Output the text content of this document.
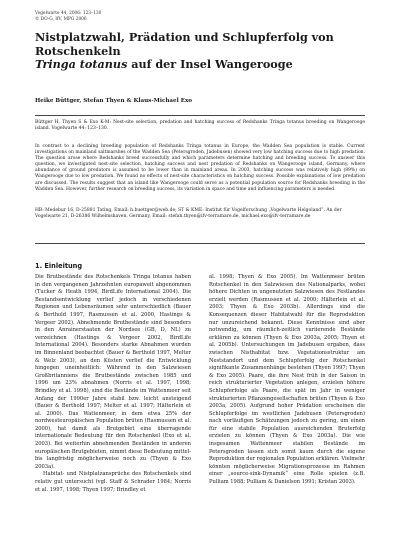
Vogelwarte 44, 2006: 123–130
© DO-G, IfV, MPG 2006
Nistplatzwahl, Prädation und Schlupferfolg von Rotschenkeln
Tringa totanus auf der Insel Wangerooge
Heike Büttger, Stefan Thyen & Klaus-Michael Exo

Büttger H, Thyen S & Exo K-M: Nest-site selection, predation and hatching success of Redshanks Tringa totanus breeding on Wangerooge island. Vogelwarte 44: 123–130.

In contrast to a declining breeding population of Redshanks Tringa totanus in Europe, the Wadden Sea population is stable. Current investigations on mainland saltmarshes of the Wadden Sea (Petersgroden, Jadebusen) showed very low hatching success due to high predation. The question arose where Redshanks breed successfully and which parameters determine hatching and breeding success. To answer this question, we investigated nest-site selection, hatching success and nest predation of Redshanks on Wangerooge island, Germany, where abundance of ground predators is assumed to be lower than in mainland areas. In 2003, hatching success was relatively high (89%) on Wangerooge due to low predation. We found no effects of nest-site characteristics on hatching success. Possible explanations of low predation are discussed. The results suggest that an island like Wangerooge could serve as a potential population source for Redshanks breeding in the Wadden Sea. However, further research on breeding success, its variation in space and time and influencing parameters is needed.

HB: Medebur 16, D-25881 Tating, Email: h.buettger@web.de; ST & KME: Institut für Vogelforschung „Vogelwarte Helgoland“, An der Vogelwarte 21, D-26386 Wilhelmshaven, Germany, Email: stefan.thyen@ifv-terramare.de, michael.exo@ifv-terramare.de

1. Einleitung

Die Brutbestände des Rotschenkels Tringa totanus haben in den vergangenen Jahrzehnten europaweit abgenommen (Tucker & Heath 1994, BirdLife International 2004). Die Bestandsentwicklung verlief jedoch in verschiedenen Regionen und Lebensräumen sehr unterschiedlich (Bauer & Berthold 1997, Rasmussen et al. 2000, Hastings & Vergeer 2002). Abnehmende Brutbestände sind besonders in den Anrainerstaaten der Nordsee (GB, D, NL) zu verzeichnen (Hastings & Vergeer 2002, BirdLife International 2004). Besonders starke Abnahmen wurden im Binnenland beobachtet (Bauer & Berthold 1997, Melter & Welz 2003), an den Küsten verlief die Entwicklung hingegen uneinheitlich: Während in den Salzwiesen Großbritanniens die Brutbestände zwischen 1985 und 1996 um 23% abnahmen (Norris et al. 1997, 1998; Brindley et al. 1998), sind die Bestände im Wattenmeer seit Anfang der 1990er Jahre stabil bzw. leicht ansteigend (Bauer & Berthold 1997; Melter et al. 1997; Hälterlein et al. 2000). Das Wattenmeer, in dem etwa 25% der nordwesteuropäischen Population brüten (Rasmussen et al. 2000), hat damit als Brutgebiet eine überragende internationale Bedeutung für den Rotschenkel (Exo et al. 2003). Bei weiterhin abnehmenden Beständen in anderen europäischen Brutgebieten, nimmt diese Bedeutung mittel- bis langfristig möglicherweise noch zu (Thyen & Exo 2003a).

Habitat- und Nistplatzansprüche des Rotschenkels sind relativ gut untersucht (vgl. Staff & Schrader 1984; Norris et al. 1997, 1998; Thyen 1997; Brindley et

al. 1998; Thyen & Exo 2005). Im Wattenmeer brüten Rotschenkel in den Salzwiesen des Nationalparks, wobei höhere Dichten in ungenutzten Salzwiesen des Festlandes erzielt werden (Rasmussen et al. 2000; Hälterlein et al. 2003; Thyen & Exo 2003b). Allerdings sind die Konsequenzen dieser Habitatwahl für die Reproduktion nur unzureichend bekannt. Diese Kenntnisse sind aber notwendig, um räumlich-zeitlich variierende Bestände erklären zu können (Thyen & Exo 2003a, 2005; Thyen et al. 2005b). Untersuchungen im Jadebusen ergaben, dass zwischen Nisthabitat bzw. Vegetationsstruktur am Neststandort und dem Schlupferfolg der Rotschenkel signifikante Zusammenhänge bestehen (Thyen 1997; Thyen & Exo 2005). Paare, die ihre Nest früh in der Saison in reich strukturierter Vegetation anlegen, erzielen höhere Schlupferfolge als Paare, die spät im Jahr in weniger strukturierten Pflanzengesellschaften brüten (Thyen & Exo 2003a, 2005). Aufgrund hoher Prädation erscheinen die Schlupferfolge im westlichen Jadebusen (Petersgroden) nach vorläufigen Schätzungen jedoch zu gering, um einen für eine stabile Population ausreichenden Bruterfolg erzielen zu können (Thyen & Exo 2003a). Die wie insgesamen Wattenmeer stabilen Bestände im Petersgroden lassen sich somit kaum durch die eigene Reproduktion der regionalen Population erklären. Vielmehr könnten möglicherweise Migrationsprozesse im Rahmen einer „source-sink-Dynamik“ eine Rolle spielen (z.B. Pulliam 1988; Pulliam & Danielson 1991; Kristan 2003).
